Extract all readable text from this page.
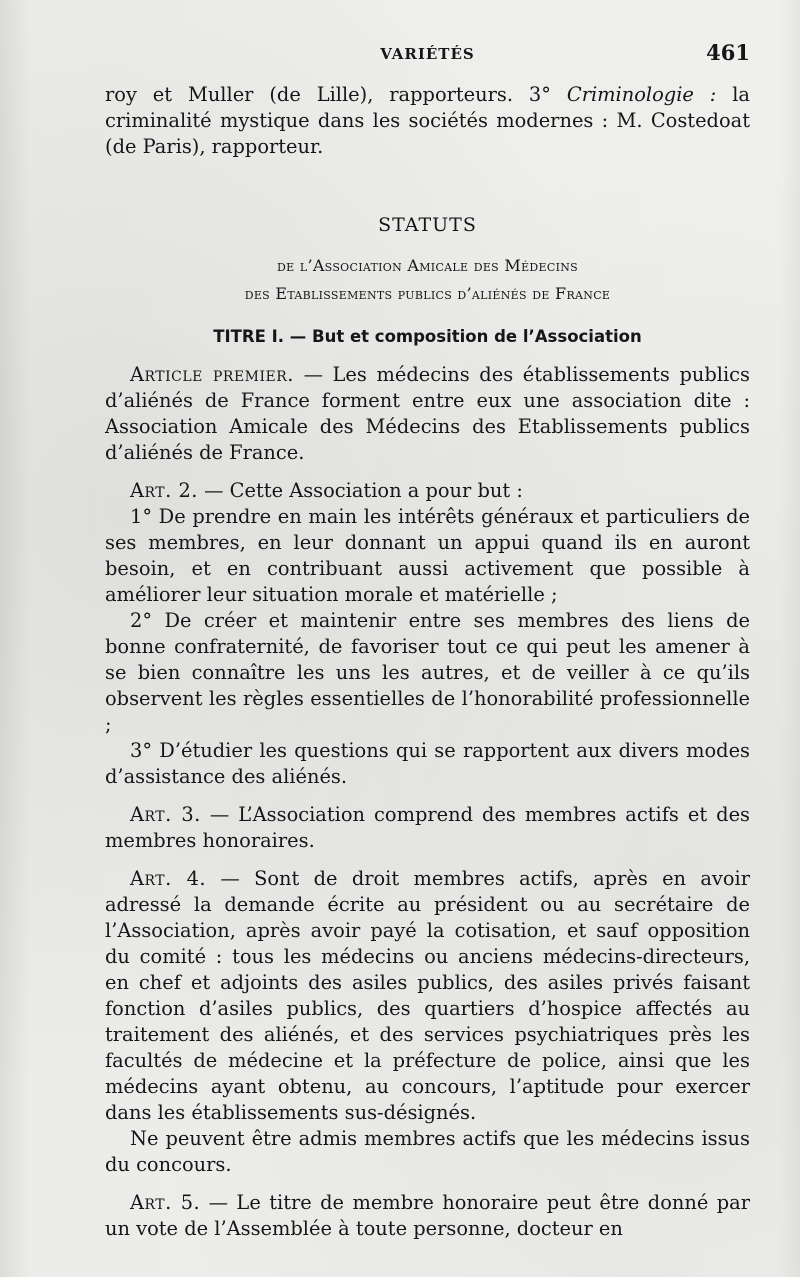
VARIÉTÉS	461

roy et Muller (de Lille), rapporteurs. 3° Criminologie : la criminalité mystique dans les sociétés modernes : M. Costedoat (de Paris), rapporteur.

STATUTS
de l’Association Amicale des Médecins
des Etablissements publics d’aliénés de France
TITRE I. — But et composition de l’Association

Article premier. — Les médecins des établissements publics d’aliénés de France forment entre eux une association dite : Association Amicale des Médecins des Etablissements publics d’aliénés de France.

Art. 2. — Cette Association a pour but :

1° De prendre en main les intérêts généraux et particuliers de ses membres, en leur donnant un appui quand ils en auront besoin, et en contribuant aussi activement que possible à améliorer leur situation morale et matérielle ;

2° De créer et maintenir entre ses membres des liens de bonne confraternité, de favoriser tout ce qui peut les amener à se bien connaître les uns les autres, et de veiller à ce qu’ils observent les règles essentielles de l’honorabilité professionnelle ;

3° D’étudier les questions qui se rapportent aux divers modes d’assistance des aliénés.

Art. 3. — L’Association comprend des membres actifs et des membres honoraires.

Art. 4. — Sont de droit membres actifs, après en avoir adressé la demande écrite au président ou au secrétaire de l’Association, après avoir payé la cotisation, et sauf opposition du comité : tous les médecins ou anciens médecins-directeurs, en chef et adjoints des asiles publics, des asiles privés faisant fonction d’asiles publics, des quartiers d’hospice affectés au traitement des aliénés, et des services psychiatriques près les facultés de médecine et la préfecture de police, ainsi que les médecins ayant obtenu, au concours, l’aptitude pour exercer dans les établissements sus-désignés.

Ne peuvent être admis membres actifs que les médecins issus du concours.

Art. 5. — Le titre de membre honoraire peut être donné par un vote de l’Assemblée à toute personne, docteur en
